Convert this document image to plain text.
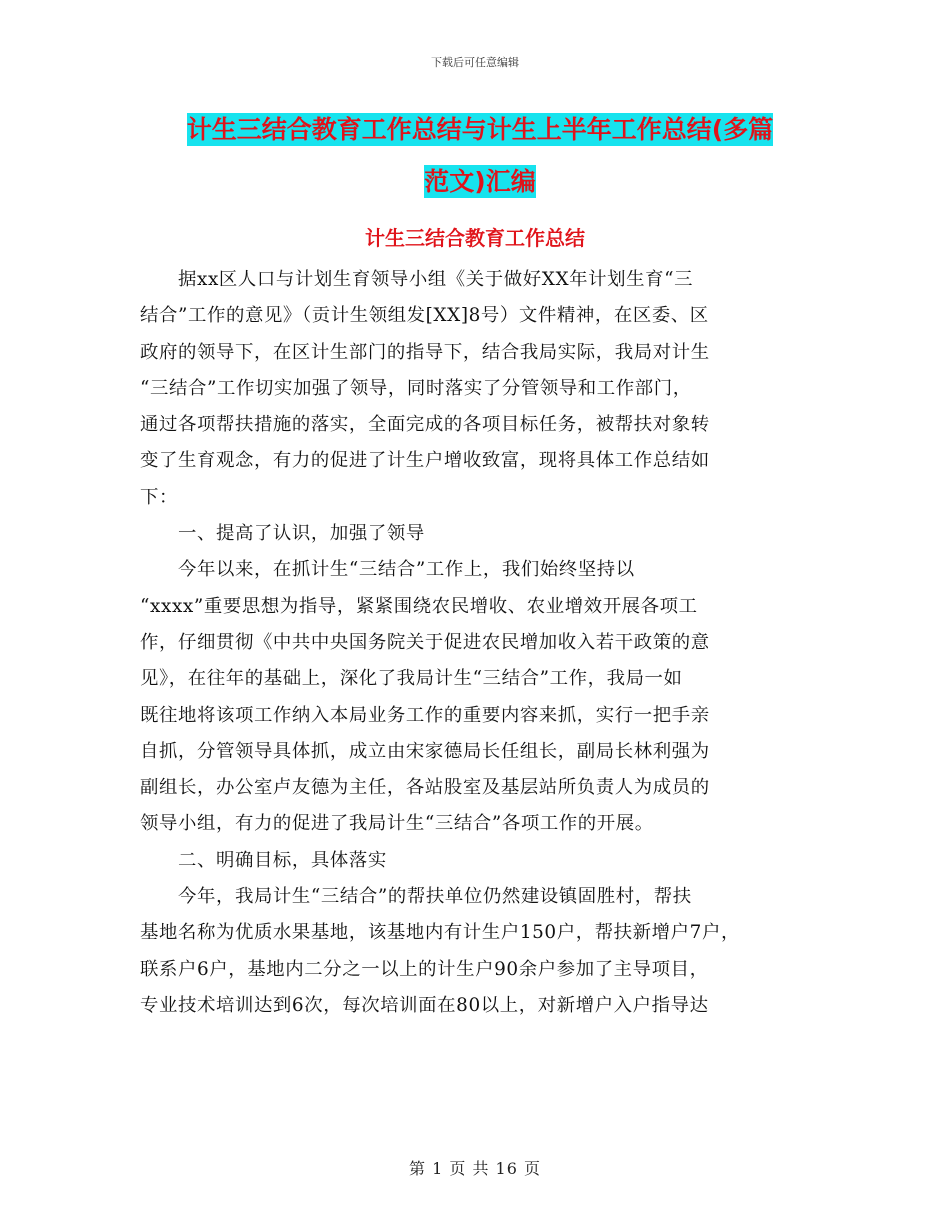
下载后可任意编辑
计生三结合教育工作总结与计生上半年工作总结(多篇
范文)汇编
计生三结合教育工作总结
　　据xx区人口与计划生育领导小组《关于做好XX年计划生育“三
结合”工作的意见》（贡计生领组发[XX]8号）文件精神，在区委、区
政府的领导下，在区计生部门的指导下，结合我局实际，我局对计生
“三结合”工作切实加强了领导，同时落实了分管领导和工作部门，
通过各项帮扶措施的落实，全面完成的各项目标任务，被帮扶对象转
变了生育观念，有力的促进了计生户增收致富，现将具体工作总结如
下：
　　一、提高了认识，加强了领导
　　今年以来，在抓计生“三结合”工作上，我们始终坚持以
“xxxx”重要思想为指导，紧紧围绕农民增收、农业增效开展各项工
作，仔细贯彻《中共中央国务院关于促进农民增加收入若干政策的意
见》，在往年的基础上，深化了我局计生“三结合”工作，我局一如
既往地将该项工作纳入本局业务工作的重要内容来抓，实行一把手亲
自抓，分管领导具体抓，成立由宋家德局长任组长，副局长林利强为
副组长，办公室卢友德为主任，各站股室及基层站所负责人为成员的
领导小组，有力的促进了我局计生“三结合”各项工作的开展。
　　二、明确目标，具体落实
　　今年，我局计生“三结合”的帮扶单位仍然建设镇固胜村，帮扶
基地名称为优质水果基地，该基地内有计生户150户，帮扶新增户7户，
联系户6户，基地内二分之一以上的计生户90余户参加了主导项目，
专业技术培训达到6次，每次培训面在80以上，对新增户入户指导达
第 1 页 共 16 页
